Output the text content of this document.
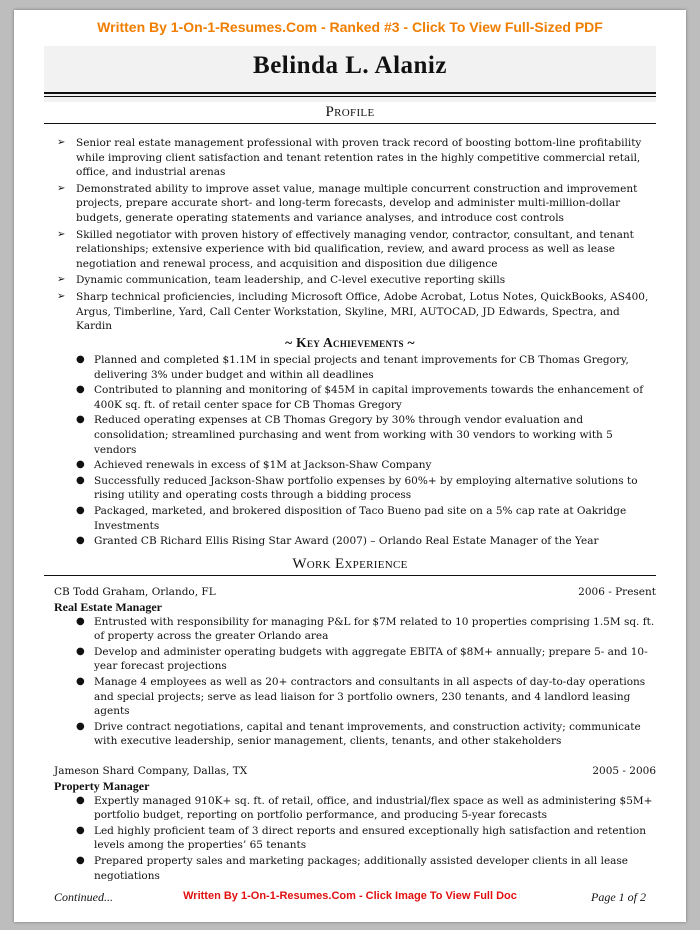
Written By 1-On-1-Resumes.Com - Ranked #3 - Click To View Full-Sized PDF
Belinda L. Alaniz
Profile
➢ Senior real estate management professional with proven track record of boosting bottom-line profitability while improving client satisfaction and tenant retention rates in the highly competitive commercial retail, office, and industrial arenas
➢ Demonstrated ability to improve asset value, manage multiple concurrent construction and improvement projects, prepare accurate short- and long-term forecasts, develop and administer multi-million-dollar budgets, generate operating statements and variance analyses, and introduce cost controls
➢ Skilled negotiator with proven history of effectively managing vendor, contractor, consultant, and tenant relationships; extensive experience with bid qualification, review, and award process as well as lease negotiation and renewal process, and acquisition and disposition due diligence
➢ Dynamic communication, team leadership, and C-level executive reporting skills
➢ Sharp technical proficiencies, including Microsoft Office, Adobe Acrobat, Lotus Notes, QuickBooks, AS400, Argus, Timberline, Yard, Call Center Workstation, Skyline, MRI, AUTOCAD, JD Edwards, Spectra, and Kardin
~ Key Achievements ~
● Planned and completed $1.1M in special projects and tenant improvements for CB Thomas Gregory, delivering 3% under budget and within all deadlines
● Contributed to planning and monitoring of $45M in capital improvements towards the enhancement of 400K sq. ft. of retail center space for CB Thomas Gregory
● Reduced operating expenses at CB Thomas Gregory by 30% through vendor evaluation and consolidation; streamlined purchasing and went from working with 30 vendors to working with 5 vendors
● Achieved renewals in excess of $1M at Jackson-Shaw Company
● Successfully reduced Jackson-Shaw portfolio expenses by 60%+ by employing alternative solutions to rising utility and operating costs through a bidding process
● Packaged, marketed, and brokered disposition of Taco Bueno pad site on a 5% cap rate at Oakridge Investments
● Granted CB Richard Ellis Rising Star Award (2007) – Orlando Real Estate Manager of the Year
Work Experience
CB Todd Graham, Orlando, FL	2006 - Present
Real Estate Manager
● Entrusted with responsibility for managing P&L for $7M related to 10 properties comprising 1.5M sq. ft. of property across the greater Orlando area
● Develop and administer operating budgets with aggregate EBITA of $8M+ annually; prepare 5- and 10-year forecast projections
● Manage 4 employees as well as 20+ contractors and consultants in all aspects of day-to-day operations and special projects; serve as lead liaison for 3 portfolio owners, 230 tenants, and 4 landlord leasing agents
● Drive contract negotiations, capital and tenant improvements, and construction activity; communicate with executive leadership, senior management, clients, tenants, and other stakeholders
Jameson Shard Company, Dallas, TX	2005 - 2006
Property Manager
● Expertly managed 910K+ sq. ft. of retail, office, and industrial/flex space as well as administering $5M+ portfolio budget, reporting on portfolio performance, and producing 5-year forecasts
● Led highly proficient team of 3 direct reports and ensured exceptionally high satisfaction and retention levels among the properties’ 65 tenants
● Prepared property sales and marketing packages; additionally assisted developer clients in all lease negotiations
Continued...	Written By 1-On-1-Resumes.Com - Click Image To View Full Doc	Page 1 of 2
